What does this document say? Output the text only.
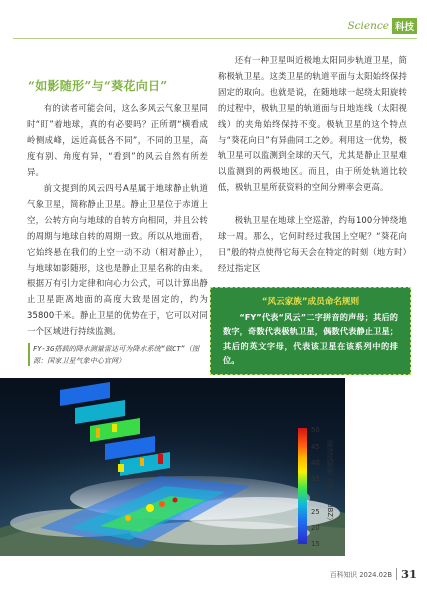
Science 科技
“如影随形”与“葵花向日”

有的读者可能会问，这么多风云气象卫星同时“盯”着地球，真的有必要吗？正所谓“横看成岭侧成峰，远近高低各不同”，不同的卫星，高度有别、角度有异，“看到”的风云自然有所差异。

前文提到的风云四号A星属于地球静止轨道气象卫星，简称静止卫星。静止卫星位于赤道上空，公转方向与地球的自转方向相同，并且公转的周期与地球自转的周期一致。所以从地面看，它始终悬在我们的上空一动不动（相对静止），与地球如影随形，这也是静止卫星名称的由来。根据万有引力定律和向心力公式，可以计算出静止卫星距离地面的高度大致是固定的，约为35800千米。静止卫星的优势在于，它可以对同一个区域进行持续监测。

还有一种卫星叫近极地太阳同步轨道卫星，简称极轨卫星。这类卫星的轨道平面与太阳始终保持固定的取向。也就是说，在随地球一起绕太阳旋转的过程中，极轨卫星的轨道面与日地连线（太阳视线）的夹角始终保持不变。极轨卫星的这个特点与“葵花向日”有异曲同工之妙。利用这一优势，极轨卫星可以监测到全球的天气，尤其是静止卫星难以监测到的两极地区。而且，由于所处轨道比较低，极轨卫星所获资料的空间分辨率会更高。

极轨卫星在地球上空巡游，约每100分钟绕地球一周。那么，它何时经过我国上空呢？“葵花向日”般的特点使得它每天会在特定的时刻（地方时）经过指定区

FY-3G搭载的降水测量雷达可为降水系统“做CT”（图源：国家卫星气象中心官网）
“风云家族”成员命名规则

“FY”代表“风云”二字拼音的声母；其后的数字，奇数代表极轨卫星，偶数代表静止卫星；其后的英文字母，代表该卫星在该系列中的排位。

50
45
40
35
30
25
20
15
雷达反射率（单位：dBZ）
百科知识 2024.02B 31
